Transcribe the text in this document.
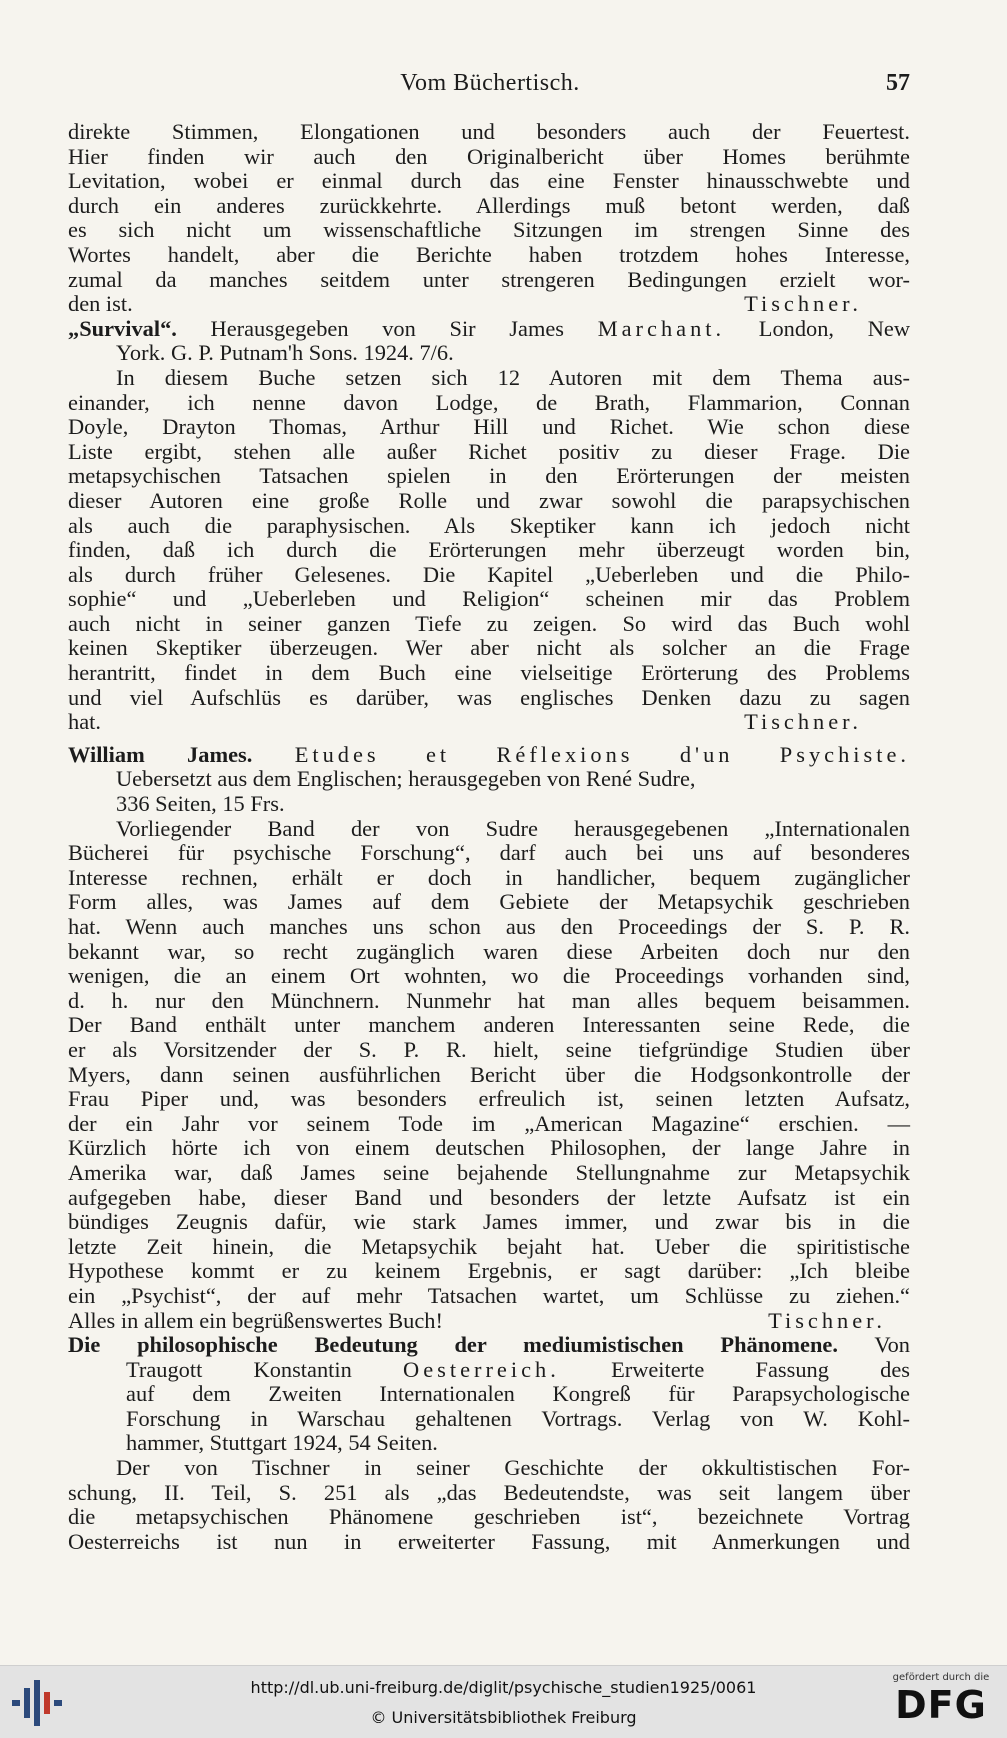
Vom Büchertisch.	57
direkte Stimmen, Elongationen und besonders auch der Feuertest.
Hier finden wir auch den Originalbericht über Homes berühmte
Levitation, wobei er einmal durch das eine Fenster hinausschwebte und
durch ein anderes zurückkehrte. Allerdings muß betont werden, daß
es sich nicht um wissenschaftliche Sitzungen im strengen Sinne des
Wortes handelt, aber die Berichte haben trotzdem hohes Interesse,
zumal da manches seitdem unter strengeren Bedingungen erzielt wor-
den ist.	Tischner.
„Survival“. Herausgegeben von Sir James Marchant. London, New
York. G. P. Putnam'h Sons. 1924. 7/6.
In diesem Buche setzen sich 12 Autoren mit dem Thema aus-
einander, ich nenne davon Lodge, de Brath, Flammarion, Connan
Doyle, Drayton Thomas, Arthur Hill und Richet. Wie schon diese
Liste ergibt, stehen alle außer Richet positiv zu dieser Frage. Die
metapsychischen Tatsachen spielen in den Erörterungen der meisten
dieser Autoren eine große Rolle und zwar sowohl die parapsychischen
als auch die paraphysischen. Als Skeptiker kann ich jedoch nicht
finden, daß ich durch die Erörterungen mehr überzeugt worden bin,
als durch früher Gelesenes. Die Kapitel „Ueberleben und die Philo-
sophie“ und „Ueberleben und Religion“ scheinen mir das Problem
auch nicht in seiner ganzen Tiefe zu zeigen. So wird das Buch wohl
keinen Skeptiker überzeugen. Wer aber nicht als solcher an die Frage
herantritt, findet in dem Buch eine vielseitige Erörterung des Problems
und viel Aufschlüs es darüber, was englisches Denken dazu zu sagen
hat.	Tischner.
William James. Etudes et Réflexions d'un Psychiste.
Uebersetzt aus dem Englischen; herausgegeben von René Sudre,
336 Seiten, 15 Frs.
Vorliegender Band der von Sudre herausgegebenen „Internationalen
Bücherei für psychische Forschung“, darf auch bei uns auf besonderes
Interesse rechnen, erhält er doch in handlicher, bequem zugänglicher
Form alles, was James auf dem Gebiete der Metapsychik geschrieben
hat. Wenn auch manches uns schon aus den Proceedings der S. P. R.
bekannt war, so recht zugänglich waren diese Arbeiten doch nur den
wenigen, die an einem Ort wohnten, wo die Proceedings vorhanden sind,
d. h. nur den Münchnern. Nunmehr hat man alles bequem beisammen.
Der Band enthält unter manchem anderen Interessanten seine Rede, die
er als Vorsitzender der S. P. R. hielt, seine tiefgründige Studien über
Myers, dann seinen ausführlichen Bericht über die Hodgsonkontrolle der
Frau Piper und, was besonders erfreulich ist, seinen letzten Aufsatz,
der ein Jahr vor seinem Tode im „American Magazine“ erschien. —
Kürzlich hörte ich von einem deutschen Philosophen, der lange Jahre in
Amerika war, daß James seine bejahende Stellungnahme zur Metapsychik
aufgegeben habe, dieser Band und besonders der letzte Aufsatz ist ein
bündiges Zeugnis dafür, wie stark James immer, und zwar bis in die
letzte Zeit hinein, die Metapsychik bejaht hat. Ueber die spiritistische
Hypothese kommt er zu keinem Ergebnis, er sagt darüber: „Ich bleibe
ein „Psychist“, der auf mehr Tatsachen wartet, um Schlüsse zu ziehen.“
Alles in allem ein begrüßenswertes Buch!	Tischner.
Die philosophische Bedeutung der mediumistischen Phänomene. Von
Traugott Konstantin Oesterreich. Erweiterte Fassung des
auf dem Zweiten Internationalen Kongreß für Parapsychologische
Forschung in Warschau gehaltenen Vortrags. Verlag von W. Kohl-
hammer, Stuttgart 1924, 54 Seiten.
Der von Tischner in seiner Geschichte der okkultistischen For-
schung, II. Teil, S. 251 als „das Bedeutendste, was seit langem über
die metapsychischen Phänomene geschrieben ist“, bezeichnete Vortrag
Oesterreichs ist nun in erweiterter Fassung, mit Anmerkungen und
http://dl.ub.uni-freiburg.de/diglit/psychische_studien1925/0061
© Universitätsbibliothek Freiburg
gefördert durch die
DFG
